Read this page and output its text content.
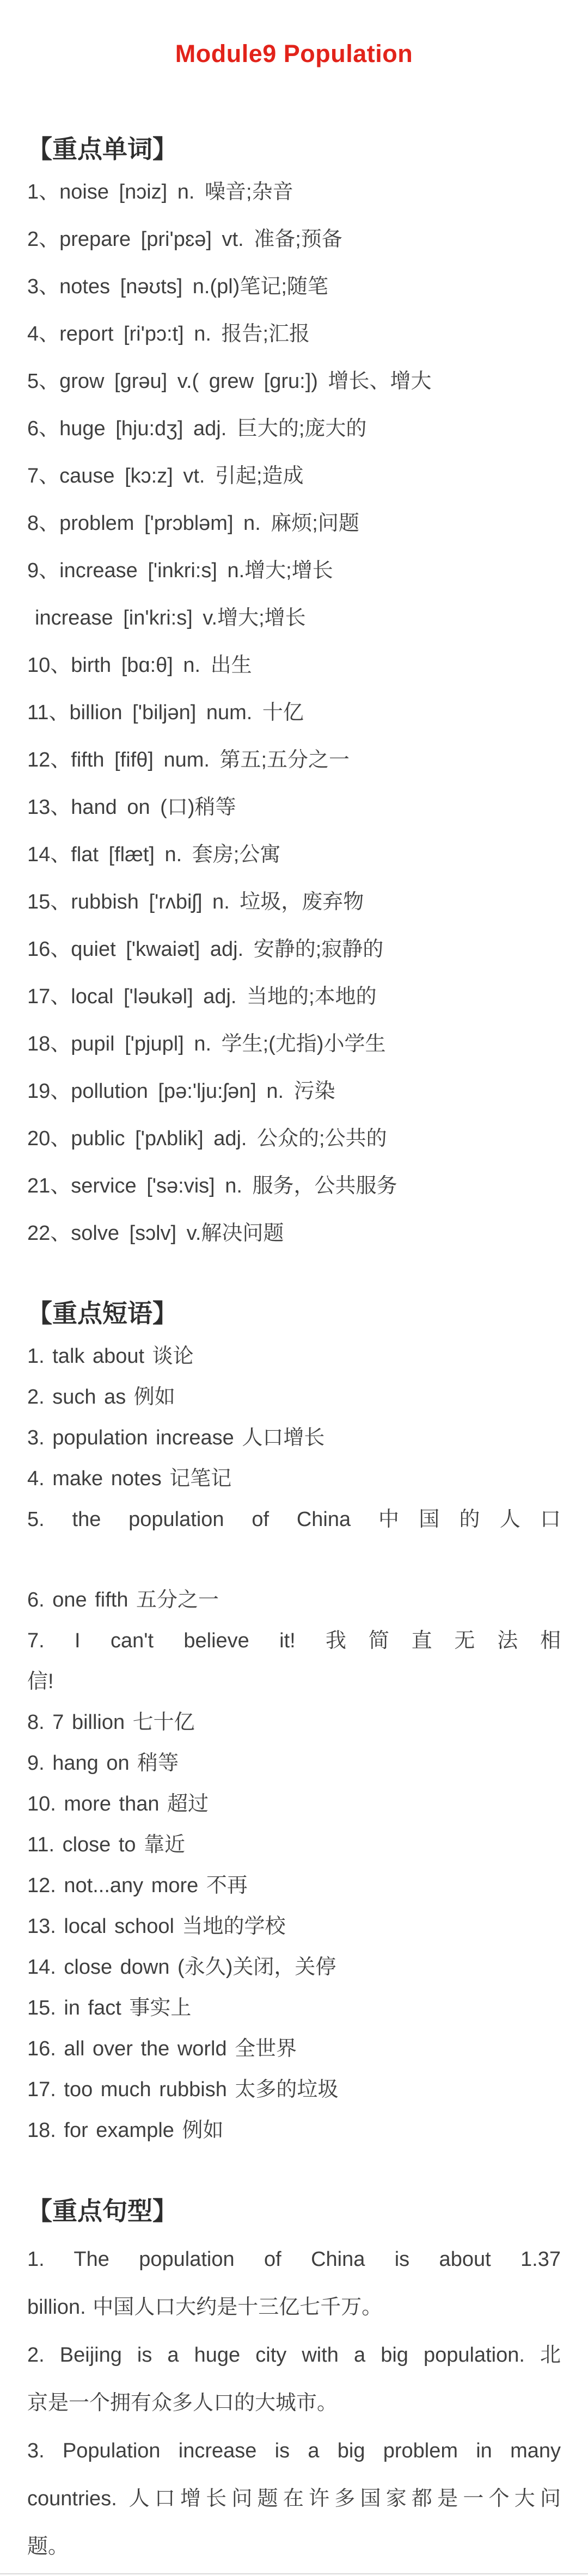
Module9 Population
【重点单词】
1、noise [nɔiz] n. 噪音;杂音
2、prepare [pri'pɛə] vt. 准备;预备
3、notes [nəʊts] n.(pl)笔记;随笔
4、report [ri'pɔ:t] n. 报告;汇报
5、grow [grəu] v.( grew [gru:]) 增长、增大
6、huge [hju:dʒ] adj. 巨大的;庞大的
7、cause [kɔ:z] vt. 引起;造成
8、problem ['prɔbləm] n. 麻烦;问题
9、increase ['inkri:s] n.增大;增长
increase [in'kri:s] v.增大;增长
10、birth [bɑ:θ] n. 出生
11、billion ['biljən] num. 十亿
12、fifth [fifθ] num. 第五;五分之一
13、hand on (口)稍等
14、flat [flæt] n. 套房;公寓
15、rubbish ['rʌbiʃ] n. 垃圾，废弃物
16、quiet ['kwaiət] adj. 安静的;寂静的
17、local ['ləukəl] adj. 当地的;本地的
18、pupil ['pjupl] n. 学生;(尤指)小学生
19、pollution [pə:'lju:ʃən] n. 污染
20、public ['pʌblik] adj. 公众的;公共的
21、service ['sə:vis] n. 服务，公共服务
22、solve [sɔlv] v.解决问题
【重点短语】
1. talk about 谈论
2. such as 例如
3. population increase 人口增长
4. make notes 记笔记
5. the population of China 中国的人口
6. one fifth 五分之一
7. I can't believe it! 我简直无法相
信!
8. 7 billion 七十亿
9. hang on 稍等
10. more than 超过
11. close to 靠近
12. not...any more 不再
13. local school 当地的学校
14. close down (永久)关闭，关停
15. in fact 事实上
16. all over the world 全世界
17. too much rubbish 太多的垃圾
18. for example 例如
【重点句型】
1. The population of China is about 1.37
billion. 中国人口大约是十三亿七千万。
2. Beijing is a huge city with a big population. 北
京是一个拥有众多人口的大城市。
3. Population increase is a big problem in many
countries. 人口增长问题在许多国家都是一个大问
题。
